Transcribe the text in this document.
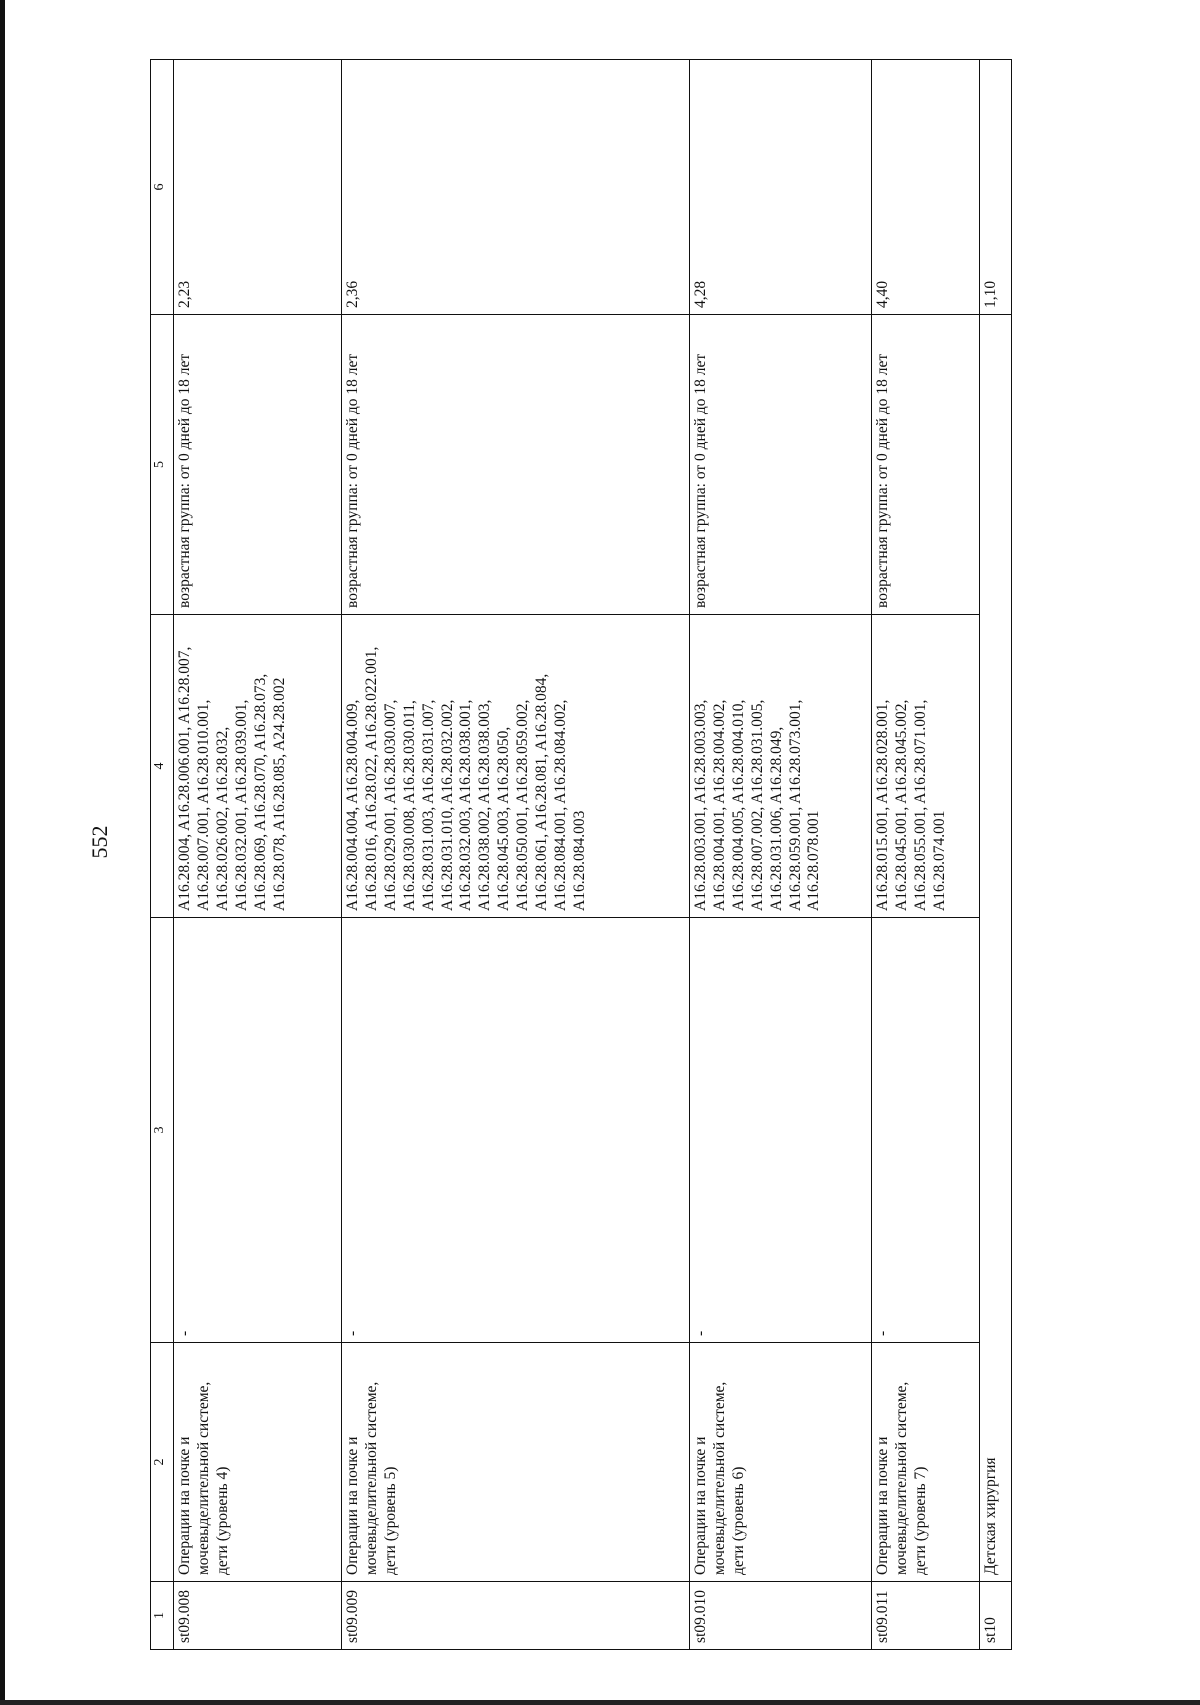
552
1	2	3	4	5	6
st09.008	Операции на почке и мочевыделительной системе, дети (уровень 4)	-	A16.28.004, A16.28.006.001, A16.28.007, A16.28.007.001, A16.28.010.001, A16.28.026.002, A16.28.032, A16.28.032.001, A16.28.039.001, A16.28.069, A16.28.070, A16.28.073, A16.28.078, A16.28.085, A24.28.002	возрастная группа: от 0 дней до 18 лет	2,23
st09.009	Операции на почке и мочевыделительной системе, дети (уровень 5)	-	A16.28.004.004, A16.28.004.009, A16.28.016, A16.28.022, A16.28.022.001, A16.28.029.001, A16.28.030.007, A16.28.030.008, A16.28.030.011, A16.28.031.003, A16.28.031.007, A16.28.031.010, A16.28.032.002, A16.28.032.003, A16.28.038.001, A16.28.038.002, A16.28.038.003, A16.28.045.003, A16.28.050, A16.28.050.001, A16.28.059.002, A16.28.061, A16.28.081, A16.28.084, A16.28.084.001, A16.28.084.002, A16.28.084.003	возрастная группа: от 0 дней до 18 лет	2,36
st09.010	Операции на почке и мочевыделительной системе, дети (уровень 6)	-	A16.28.003.001, A16.28.003.003, A16.28.004.001, A16.28.004.002, A16.28.004.005, A16.28.004.010, A16.28.007.002, A16.28.031.005, A16.28.031.006, A16.28.049, A16.28.059.001, A16.28.073.001, A16.28.078.001	возрастная группа: от 0 дней до 18 лет	4,28
st09.011	Операции на почке и мочевыделительной системе, дети (уровень 7)	-	A16.28.015.001, A16.28.028.001, A16.28.045.001, A16.28.045.002, A16.28.055.001, A16.28.071.001, A16.28.074.001	возрастная группа: от 0 дней до 18 лет	4,40
st10	Детская хирургия				1,10
